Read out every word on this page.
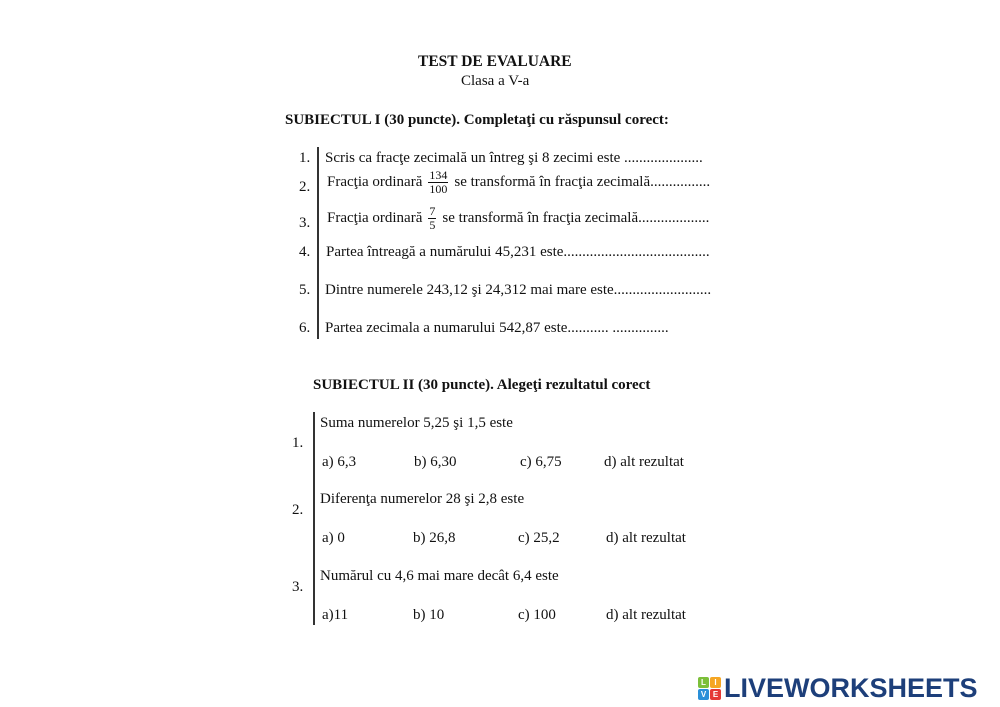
TEST DE EVALUARE
Clasa a V-a
SUBIECTUL I (30 puncte). Completaţi cu răspunsul corect:
1. Scris ca fracţe zecimală un întreg şi 8 zecimi este .....................
2. Fracţia ordinară $\frac{134}{100}$ se transformă în fracţia zecimală................
3. Fracţia ordinară $\frac{7}{5}$ se transformă în fracţia zecimală...................
4. Partea întreagă a numărului 45,231 este.......................................
5. Dintre numerele 243,12 şi 24,312 mai mare este..........................
6. Partea zecimala a numarului 542,87 este........... ...............
SUBIECTUL II (30 puncte). Alegeţi rezultatul corect
1.
Suma numerelor 5,25 şi 1,5 este
a) 6,3	b) 6,30	c) 6,75	d) alt rezultat
2.
Diferenţa numerelor 28 şi 2,8 este
a) 0	b) 26,8	c) 25,2	d) alt rezultat
3.
Numărul cu 4,6 mai mare decât 6,4 este
a)11	b) 10	c) 100	d) alt rezultat
L	I
V E LIVEWORKSHEETS
